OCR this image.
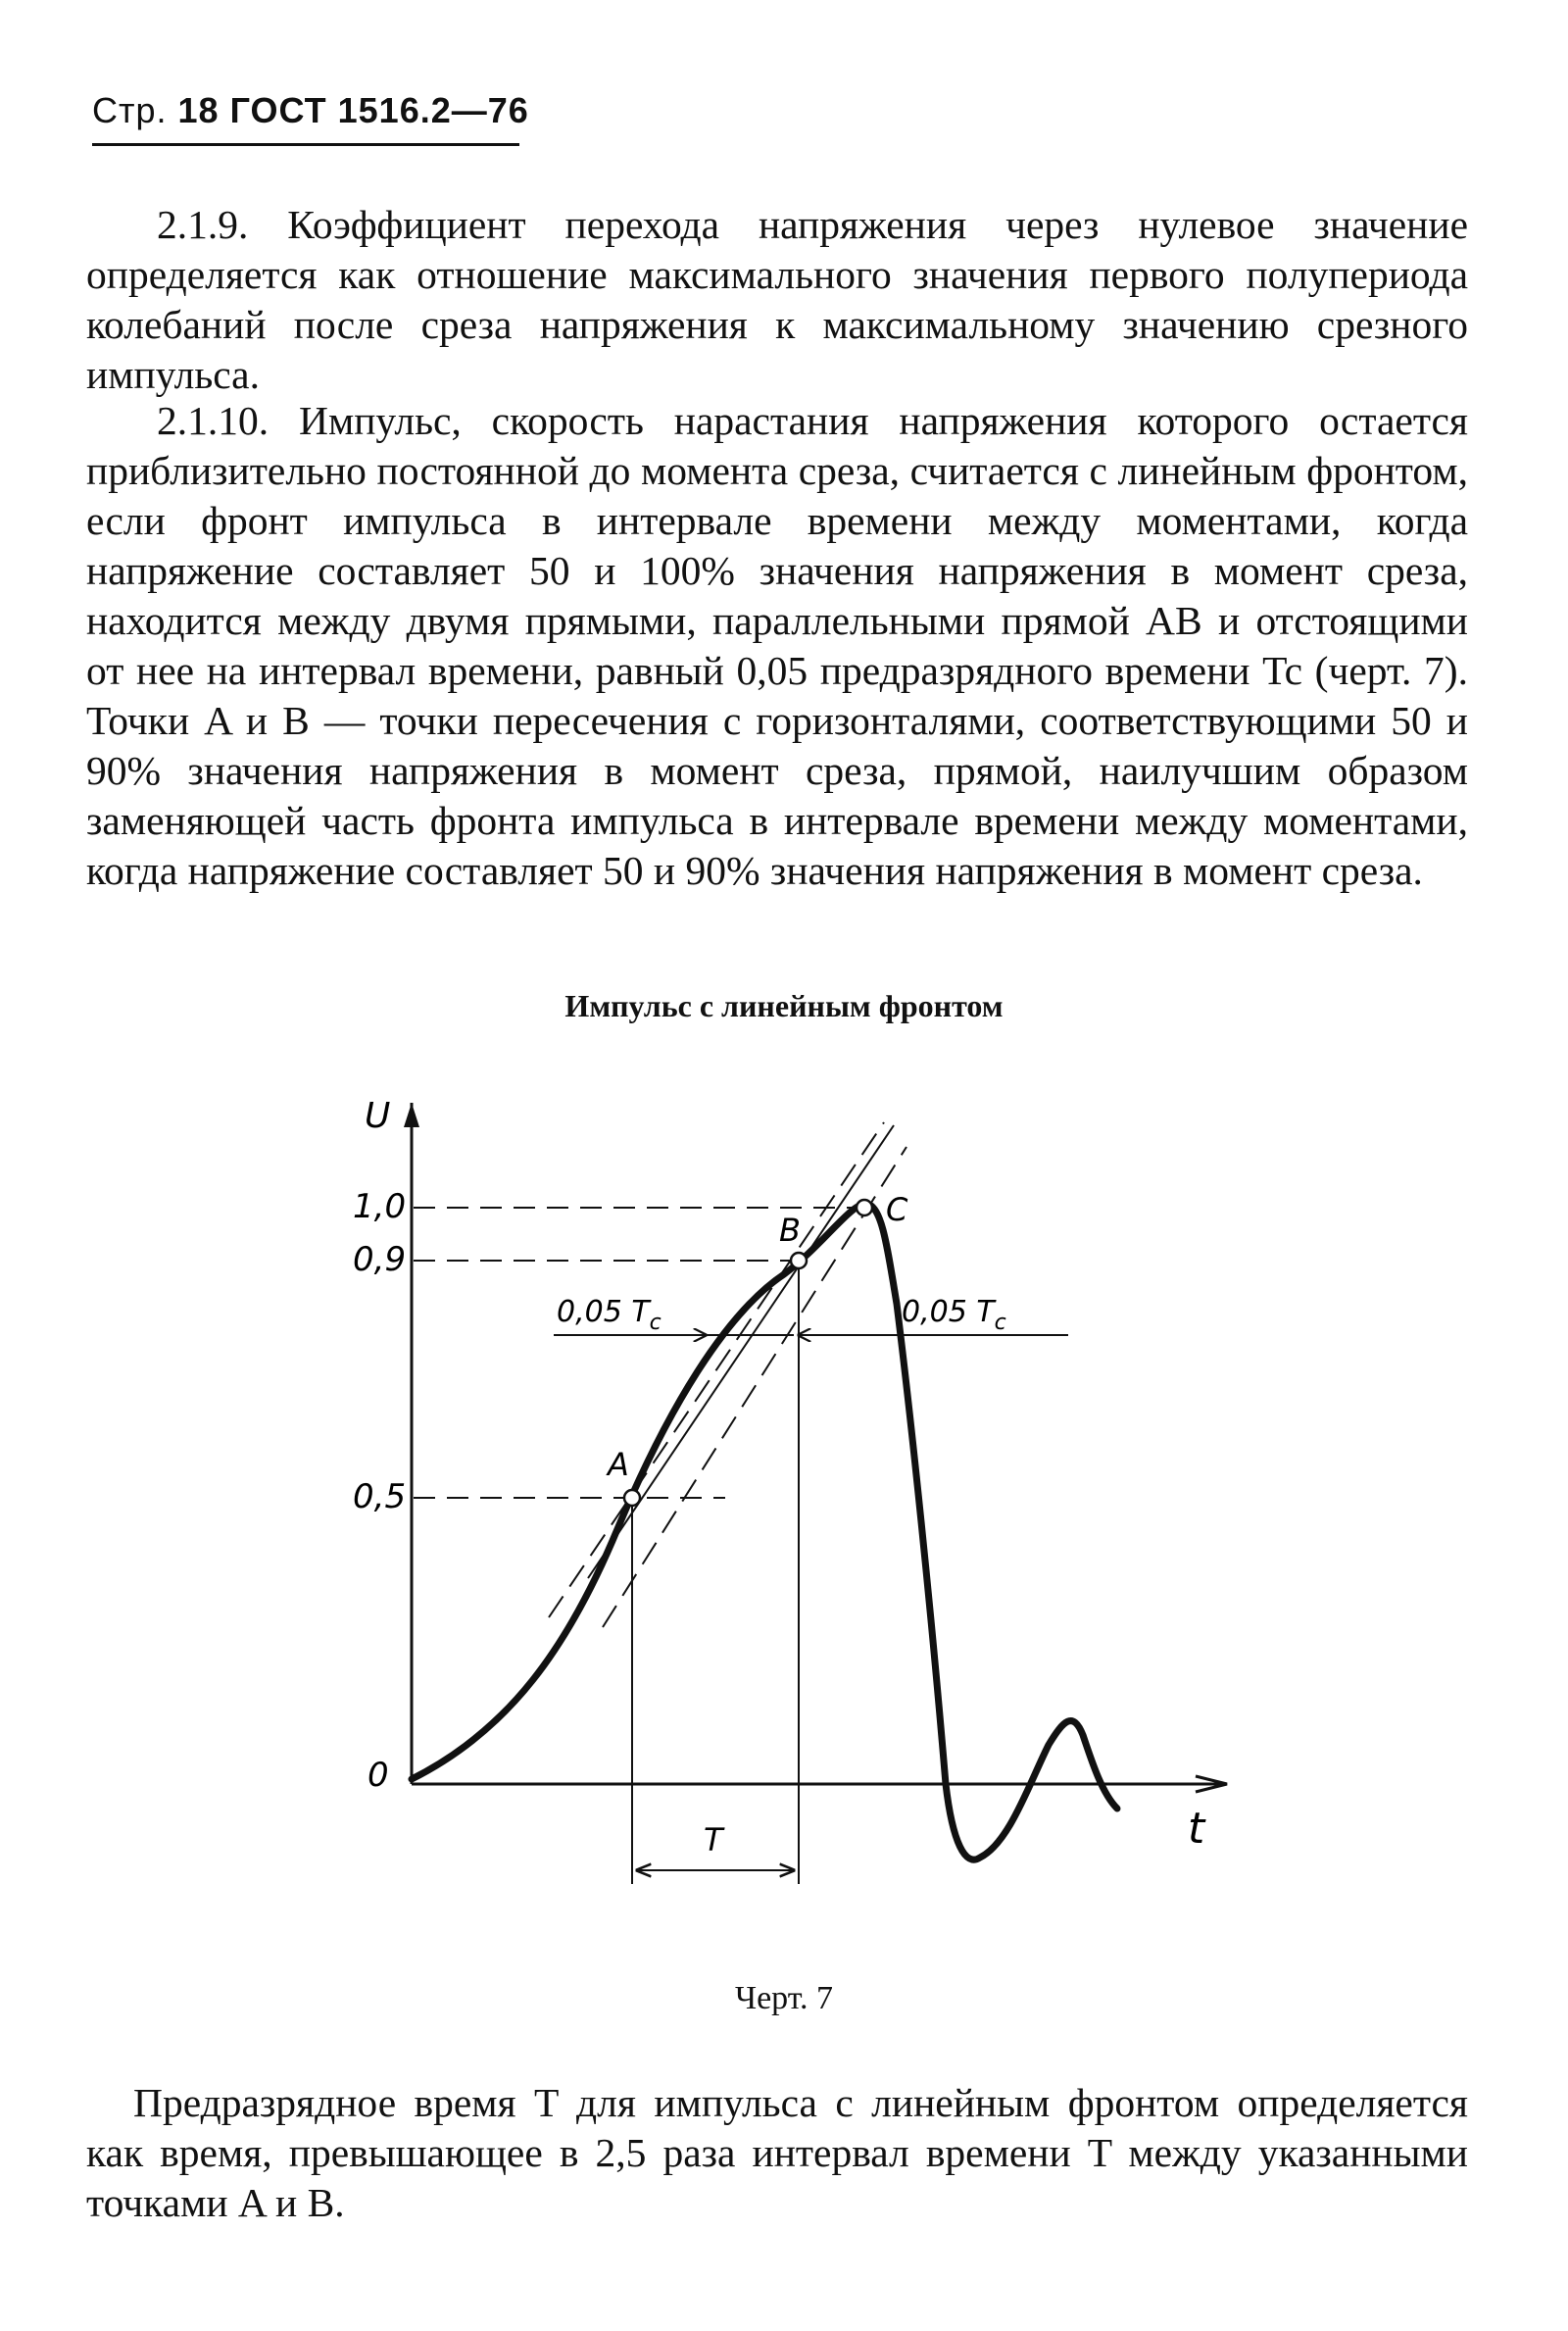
Стр. 18 ГОСТ 1516.2—76

2.1.9. Коэффициент перехода напряжения через нулевое значение определяется как отношение максимального значения первого полупериода колебаний после среза напряжения к максимальному значению срезного импульса.

2.1.10. Импульс, скорость нарастания напряжения которого остается приблизительно постоянной до момента среза, считается с линейным фронтом, если фронт импульса в интервале времени между моментами, когда напряжение составляет 50 и 100% значения напряжения в момент среза, находится между двумя прямыми, параллельными прямой AB и отстоящими от нее на интервал времени, равный 0,05 предразрядного времени Tc (черт. 7). Точки A и B — точки пересечения с горизонталями, соответствующими 50 и 90% значения напряжения в момент среза, прямой, наилучшим образом заменяющей часть фронта импульса в интервале времени между моментами, когда напряжение составляет 50 и 90% значения напряжения в момент среза.

Импульс с линейным фронтом
U
t
1,0
0,9
0,5
0
0,05 $T_c$	0,05 $T_c$
T
A
B
C
Черт. 7

Предразрядное время T для импульса с линейным фронтом определяется как время, превышающее в 2,5 раза интервал времени T между указанными точками A и B.
